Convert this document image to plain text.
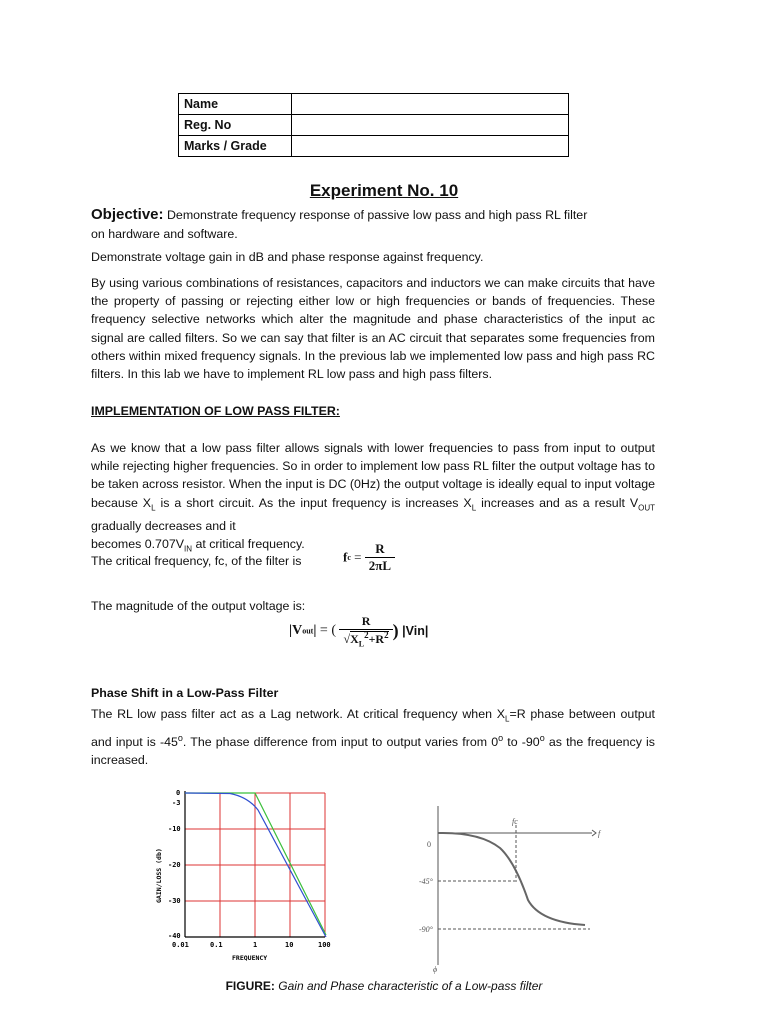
Name	
Reg. No	
Marks / Grade	
Experiment No. 10
Objective: Demonstrate frequency response of passive low pass and high pass RL filter
on hardware and software.
Demonstrate voltage gain in dB and phase response against frequency.
By using various combinations of resistances, capacitors and inductors we can make circuits that have the property of passing or rejecting either low or high frequencies or bands of frequencies. These frequency selective networks which alter the magnitude and phase characteristics of the input ac signal are called filters. So we can say that filter is an AC circuit that separates some frequencies from others within mixed frequency signals. In the previous lab we implemented low pass and high pass RC filters. In this lab we have to implement RL low pass and high pass filters.
IMPLEMENTATION OF LOW PASS FILTER:
As we know that a low pass filter allows signals with lower frequencies to pass from input to output while rejecting higher frequencies. So in order to implement low pass RL filter the output voltage has to be taken across resistor. When the input is DC (0Hz) the output voltage is ideally equal to input voltage because $X_L$ is a short circuit. As the input frequency is increases $X_L$ increases and as a result $V_{OUT}$ gradually decreases and it
becomes $0.707V_{IN}$ at critical frequency.
The critical frequency, fc, of the filter is	fc = $\frac{R}{2\pi L}$
The magnitude of the output voltage is:
|Vout| = ( $\frac{R}{√X_L^2+R^2}$ ) |Vin|
Phase Shift in a Low-Pass Filter
The RL low pass filter act as a Lag network. At critical frequency when $X_L=R$ phase between output and input is -45$^o$. The phase difference from input to output varies from 0$^o$ to -90$^o$ as the frequency is increased.
0
-3
-10
-20
-30
-40
0.01	0.1	1	10	100
FREQUENCY
GAIN/LOSS (db)
fc
f
ϕ
0
-45°
-90°
FIGURE: Gain and Phase characteristic of a Low-pass filter
